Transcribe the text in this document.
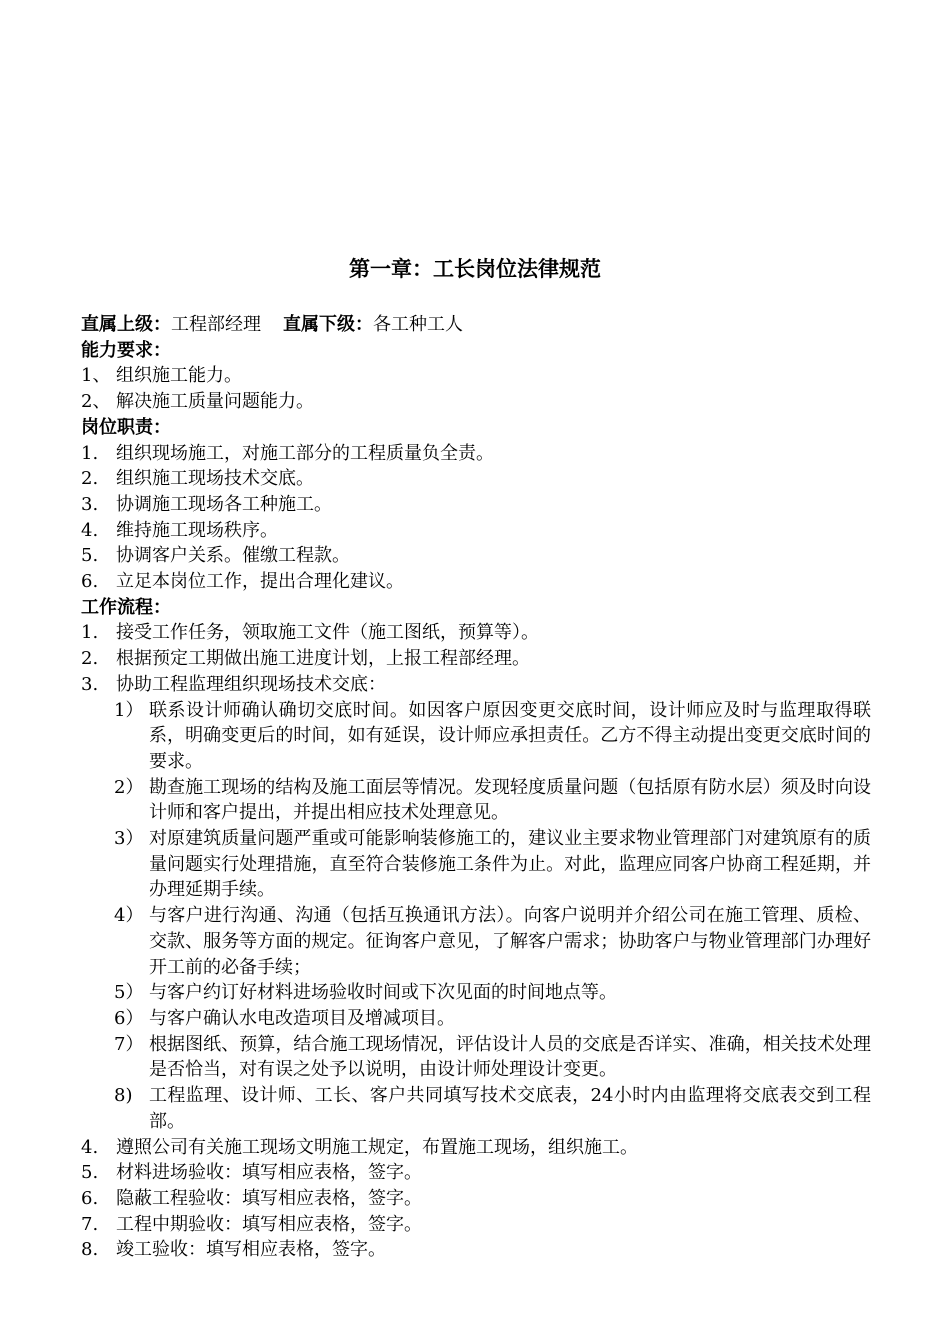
第一章：工长岗位法律规范
直属上级：工程部经理 直属下级：各工种工人
能力要求：
1、 组织施工能力。
2、 解决施工质量问题能力。
岗位职责：
1. 组织现场施工，对施工部分的工程质量负全责。
2. 组织施工现场技术交底。
3. 协调施工现场各工种施工。
4. 维持施工现场秩序。
5. 协调客户关系。催缴工程款。
6. 立足本岗位工作，提出合理化建议。
工作流程：
1. 接受工作任务，领取施工文件（施工图纸，预算等）。
2. 根据预定工期做出施工进度计划，上报工程部经理。
3. 协助工程监理组织现场技术交底：
1） 联系设计师确认确切交底时间。如因客户原因变更交底时间，设计师应及时与监理取得联系，明确变更后的时间，如有延误，设计师应承担责任。乙方不得主动提出变更交底时间的要求。
2） 勘查施工现场的结构及施工面层等情况。发现轻度质量问题（包括原有防水层）须及时向设计师和客户提出，并提出相应技术处理意见。
3） 对原建筑质量问题严重或可能影响装修施工的，建议业主要求物业管理部门对建筑原有的质量问题实行处理措施，直至符合装修施工条件为止。对此，监理应同客户协商工程延期，并办理延期手续。
4） 与客户进行沟通、沟通（包括互换通讯方法）。向客户说明并介绍公司在施工管理、质检、交款、服务等方面的规定。征询客户意见，了解客户需求；协助客户与物业管理部门办理好开工前的必备手续；
5） 与客户约订好材料进场验收时间或下次见面的时间地点等。
6） 与客户确认水电改造项目及增减项目。
7） 根据图纸、预算，结合施工现场情况，评估设计人员的交底是否详实、准确，相关技术处理是否恰当，对有误之处予以说明，由设计师处理设计变更。
8) 工程监理、设计师、工长、客户共同填写技术交底表，24小时内由监理将交底表交到工程部。
4. 遵照公司有关施工现场文明施工规定，布置施工现场，组织施工。
5. 材料进场验收：填写相应表格，签字。
6. 隐蔽工程验收：填写相应表格，签字。
7. 工程中期验收：填写相应表格，签字。
8. 竣工验收：填写相应表格，签字。
